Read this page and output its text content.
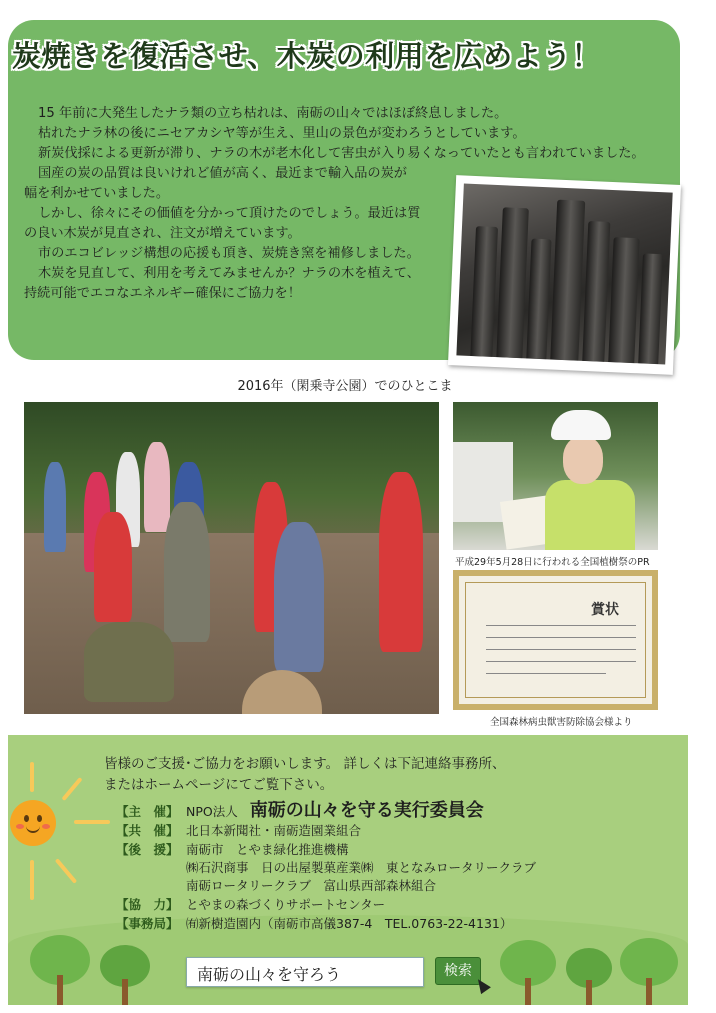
炭焼きを復活させ、木炭の利用を広めよう！

15 年前に大発生したナラ類の立ち枯れは、南砺の山々ではほぼ終息しました。

枯れたナラ林の後にニセアカシヤ等が生え、里山の景色が変わろうとしています。

新炭伐採による更新が滞り、ナラの木が老木化して害虫が入り易くなっていたとも言われていました。

国産の炭の品質は良いけれど値が高く、最近まで輸入品の炭が

幅を利かせていました。

しかし、徐々にその価値を分かって頂けたのでしょう。最近は質

の良い木炭が見直され、注文が増えています。

市のエコビレッジ構想の応援も頂き、炭焼き窯を補修しました。

木炭を見直して、利用を考えてみませんか？ナラの木を植えて、

持続可能でエコなエネルギー確保にご協力を！

2016年（閑乗寺公園）でのひとこま
平成29年5月28日に行われる全国植樹祭のPR
賞状
全国森林病虫獣害防除協会様より
皆様のご支援･ご協力をお願いします。 詳しくは下記連絡事務所、
またはホームページにてご覧下さい。
【主　催】 NPO法人 南砺の山々を守る実行委員会
【共　催】 北日本新聞社・南砺造園業組合
【後　援】 南砺市　とやま緑化推進機構
㈱石沢商事　日の出屋製菓産業㈱　東となみロータリークラブ
南砺ロータリークラブ　富山県西部森林組合
【協　力】 とやまの森づくりサポートセンター
【事務局】 ㈲新樹造園内（南砺市高儀387-4　TEL.0763-22-4131）
南砺の山々を守ろう	検索
